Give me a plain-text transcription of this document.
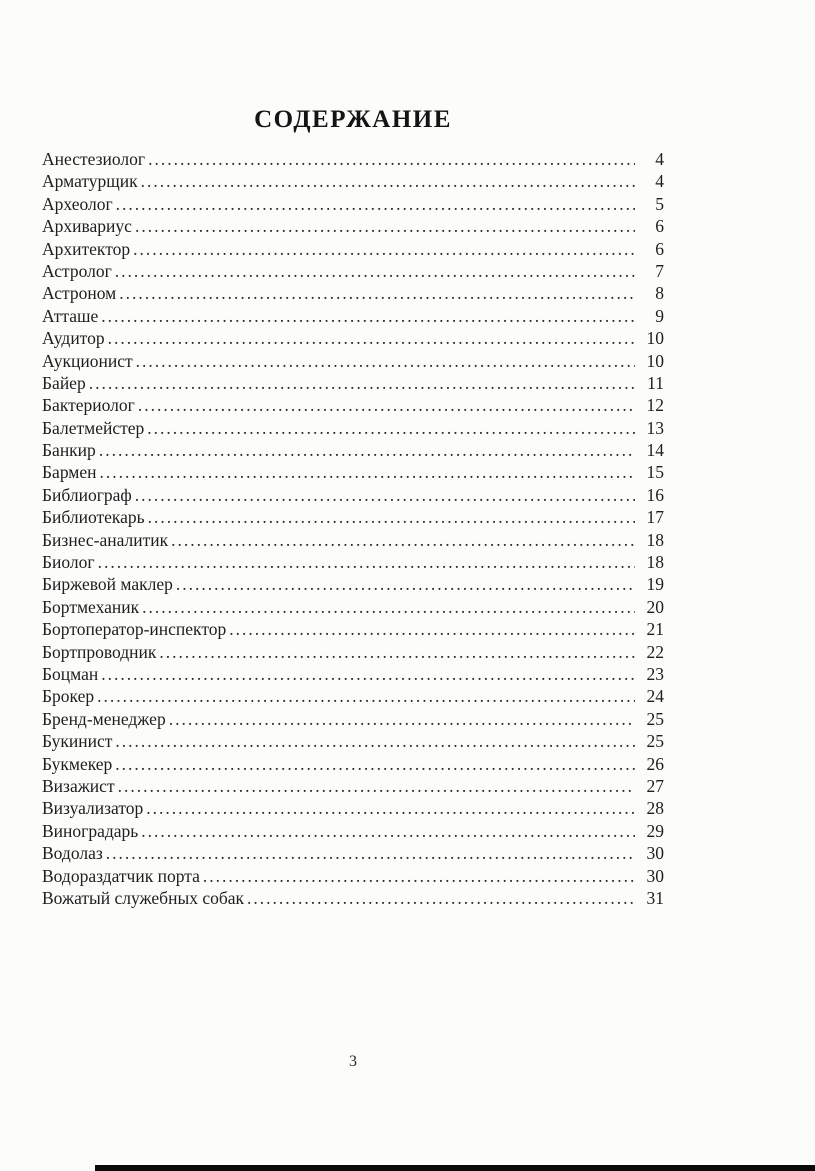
СОДЕРЖАНИЕ
Анестезиолог .....	4
Арматурщик .....	4
Археолог .....	5
Архивариус .....	6
Архитектор .....	6
Астролог .....	7
Астроном .....	8
Атташе .....	9
Аудитор .....	10
Аукционист .....	10
Байер .....	11
Бактериолог .....	12
Балетмейстер .....	13
Банкир .....	14
Бармен .....	15
Библиограф .....	16
Библиотекарь .....	17
Бизнес-аналитик .....	18
Биолог .....	18
Биржевой маклер .....	19
Бортмеханик .....	20
Бортоператор-инспектор .....	21
Бортпроводник .....	22
Боцман .....	23
Брокер .....	24
Бренд-менеджер .....	25
Букинист .....	25
Букмекер .....	26
Визажист .....	27
Визуализатор .....	28
Виноградарь .....	29
Водолаз .....	30
Водораздатчик порта .....	30
Вожатый служебных собак .....	31
3
